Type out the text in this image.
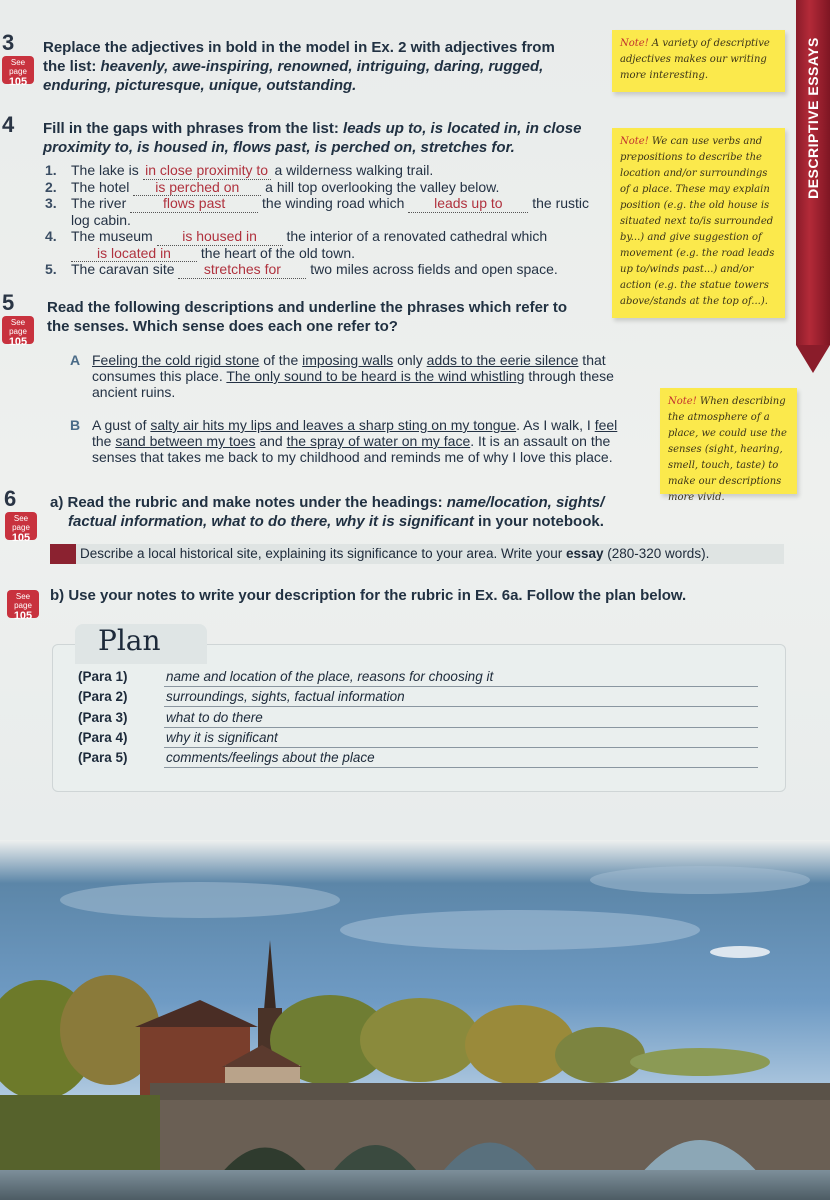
DESCRIPTIVE ESSAYS
3
See page
105
Replace the adjectives in bold in the model in Ex. 2 with adjectives from
the list: heavenly, awe-inspiring, renowned, intriguing, daring, rugged,
enduring, picturesque, unique, outstanding.
4 Fill in the gaps with phrases from the list: leads up to, is located in, in close
proximity to, is housed in, flows past, is perched on, stretches for.
1. The lake is in close proximity to a wilderness walking trail.
2. The hotel is perched on a hill top overlooking the valley below.
3. The river	flows past	the winding road which leads up to the rustic
log cabin.
4. The museum is housed in the interior of a renovated cathedral which
is located in the heart of the old town.
5. The caravan site stretches for two miles across fields and open space.
5
See page
105
Read the following descriptions and underline the phrases which refer to
the senses. Which sense does each one refer to?
A Feeling the cold rigid stone of the imposing walls only adds to the eerie silence that
consumes this place. The only sound to be heard is the wind whistling through these
ancient ruins.
B A gust of salty air hits my lips and leaves a sharp sting on my tongue. As I walk, I feel
the sand between my toes and the spray of water on my face. It is an assault on the
senses that takes me back to my childhood and reminds me of why I love this place.
6
See page
105
a) Read the rubric and make notes under the headings: name/location, sights/
factual information, what to do there, why it is significant in your notebook.
Describe a local historical site, explaining its significance to your area. Write your essay (280-320 words).
See page
105
b) Use your notes to write your description for the rubric in Ex. 6a. Follow the plan below.
Plan
(Para 1)	name and location of the place, reasons for choosing it
(Para 2)	surroundings, sights, factual information
(Para 3)	what to do there
(Para 4)	why it is significant
(Para 5)	comments/feelings about the place
Note! A variety of descriptive adjectives makes our writing more interesting.
Note! We can use verbs and prepositions to describe the location and/or surroundings of a place. These may explain position (e.g. the old house is situated next to/is surrounded by...) and give suggestion of movement (e.g. the road leads up to/winds past...) and/or action (e.g. the statue towers above/stands at the top of...).
Note! When describing the atmosphere of a place, we could use the senses (sight, hearing, smell, touch, taste) to make our descriptions more vivid.
